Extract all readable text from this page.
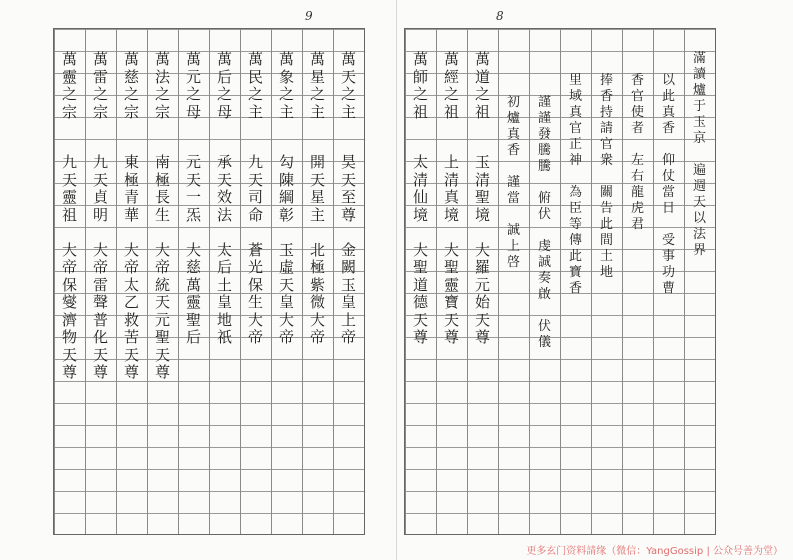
9
萬
天
之
主
昊
天
至
尊

金
闕
玉
皇
上
帝
萬
星
之
主
開
天
星
主

北
極
紫
微
大
帝
萬
象
之
主
勾
陳
綱
彰

玉
虛
天
皇
大
帝
萬
民
之
主
九
天
司
命

蒼
光
保
生
大
帝
萬
后
之
母
承
天
效
法

太
后
土
皇
地
祇
萬
元
之
母
元
天
一
炁

大
慈
萬
靈
聖
后
萬
法
之
宗
南
極
長
生

大
帝
統
天
元
聖
天
尊
萬
慈
之
宗
東
極
青
華

大
帝
太
乙
救
苦
天
尊
萬
雷
之
宗
九
天
貞
明

大
帝
雷
聲
普
化
天
尊
萬
靈
之
宗
九
天
靈
祖

大
帝
保
燮
濟
物
天
尊
8
滿
讀
爐
于
玉
京

遍
週
天
以
法
界
以
此
真
香

仰
仗
當
日

受
事
功
曹
香
官
使
者

左
右
龍
虎
君
捧
香
持
請
官
衆

關
告
此
間
土
地
里
域
真
官
正
神

為
臣
等
傳
此
寶
香
謹
謹
發
騰
騰

俯
伏

虔
誠
奏
啟

伏
儀
初
爐
真
香

謹
當

誠
上
啓
萬
道
之
祖
玉
清
聖
境

大
羅
元
始
天
尊
萬
經
之
祖
上
清
真
境

大
聖
靈
寶
天
尊
萬
師
之
祖
太
清
仙
境

大
聖
道
德
天
尊
更多玄门资料請缘（微信：YangGossip | 公众号善为堂）
